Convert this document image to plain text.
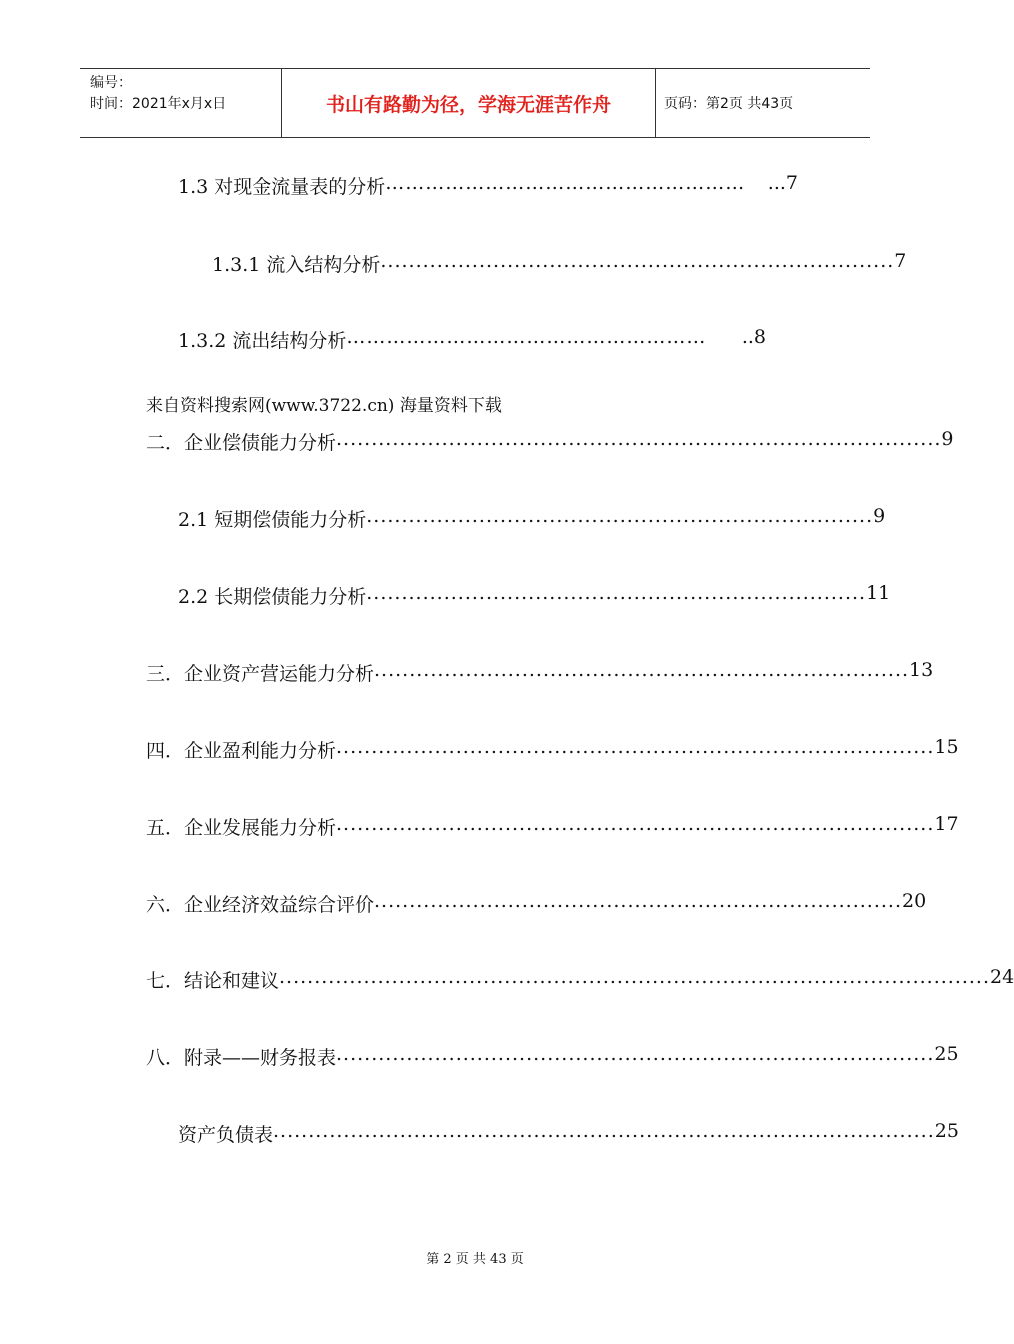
编号：
时间：2021年x月x日	书山有路勤为径，学海无涯苦作舟	页码：第2页 共43页
1.3 对现金流量表的分析 ………………………………………………	...7
1.3.1 流入结构分析 ......................................................................... 7
1.3.2 流出结构分析 ………………………………………………	..8
来自资料搜索网(www.3722.cn) 海量资料下载
二．企业偿债能力分析 ...................................................................................... 9
2.1 短期偿债能力分析 ........................................................................ 9
2.2 长期偿债能力分析 ....................................................................... 11
三．企业资产营运能力分析 ............................................................................ 13
四．企业盈利能力分析 ..................................................................................... 15
五．企业发展能力分析 ..................................................................................... 17
六．企业经济效益综合评价 ........................................................................... 20
七．结论和建议 ..................................................................................................... 24
八．附录——财务报表 ..................................................................................... 25
资产负债表 .............................................................................................. 25
第 2 页 共 43 页
